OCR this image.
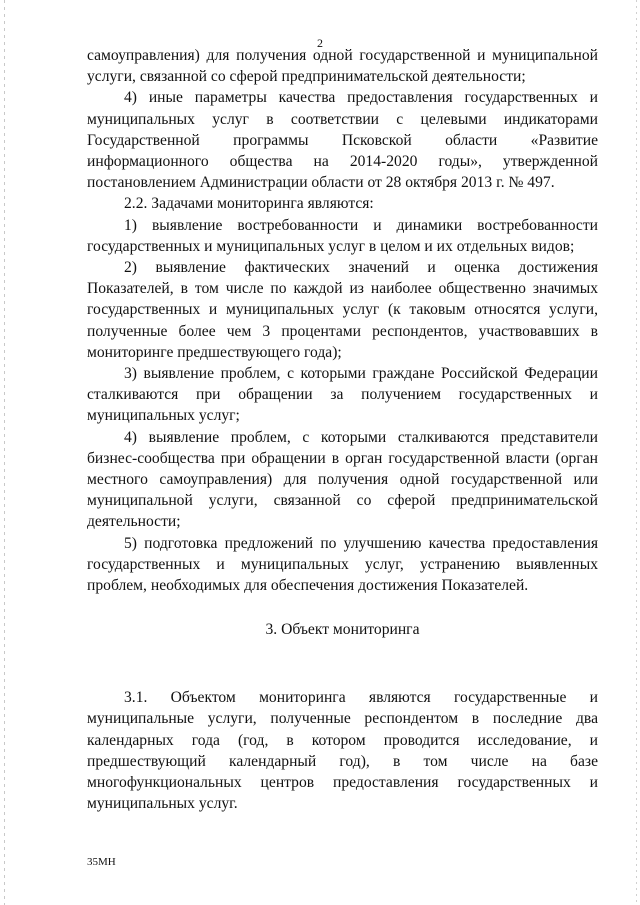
2

самоуправления) для получения одной государственной и муниципальной услуги, связанной со сферой предпринимательской деятельности;

4) иные параметры качества предоставления государственных и муниципальных услуг в соответствии с целевыми индикаторами Государственной программы Псковской области «Развитие информационного общества на 2014-2020 годы», утвержденной постановлением Администрации области от 28 октября 2013 г. № 497.

2.2. Задачами мониторинга являются:

1) выявление востребованности и динамики востребованности государственных и муниципальных услуг в целом и их отдельных видов;

2) выявление фактических значений и оценка достижения Показателей, в том числе по каждой из наиболее общественно значимых государственных и муниципальных услуг (к таковым относятся услуги, полученные более чем 3 процентами респондентов, участвовавших в мониторинге предшествующего года);

3) выявление проблем, с которыми граждане Российской Федерации сталкиваются при обращении за получением государственных и муниципальных услуг;

4) выявление проблем, с которыми сталкиваются представители бизнес-сообщества при обращении в орган государственной власти (орган местного самоуправления) для получения одной государственной или муниципальной услуги, связанной со сферой предпринимательской деятельности;

5) подготовка предложений по улучшению качества предоставления государственных и муниципальных услуг, устранению выявленных проблем, необходимых для обеспечения достижения Показателей.

3. Объект мониторинга

3.1. Объектом мониторинга являются государственные и муниципальные услуги, полученные респондентом в последние два календарных года (год, в котором проводится исследование, и предшествующий календарный год), в том числе на базе многофункциональных центров предоставления государственных и муниципальных услуг.

35МН
